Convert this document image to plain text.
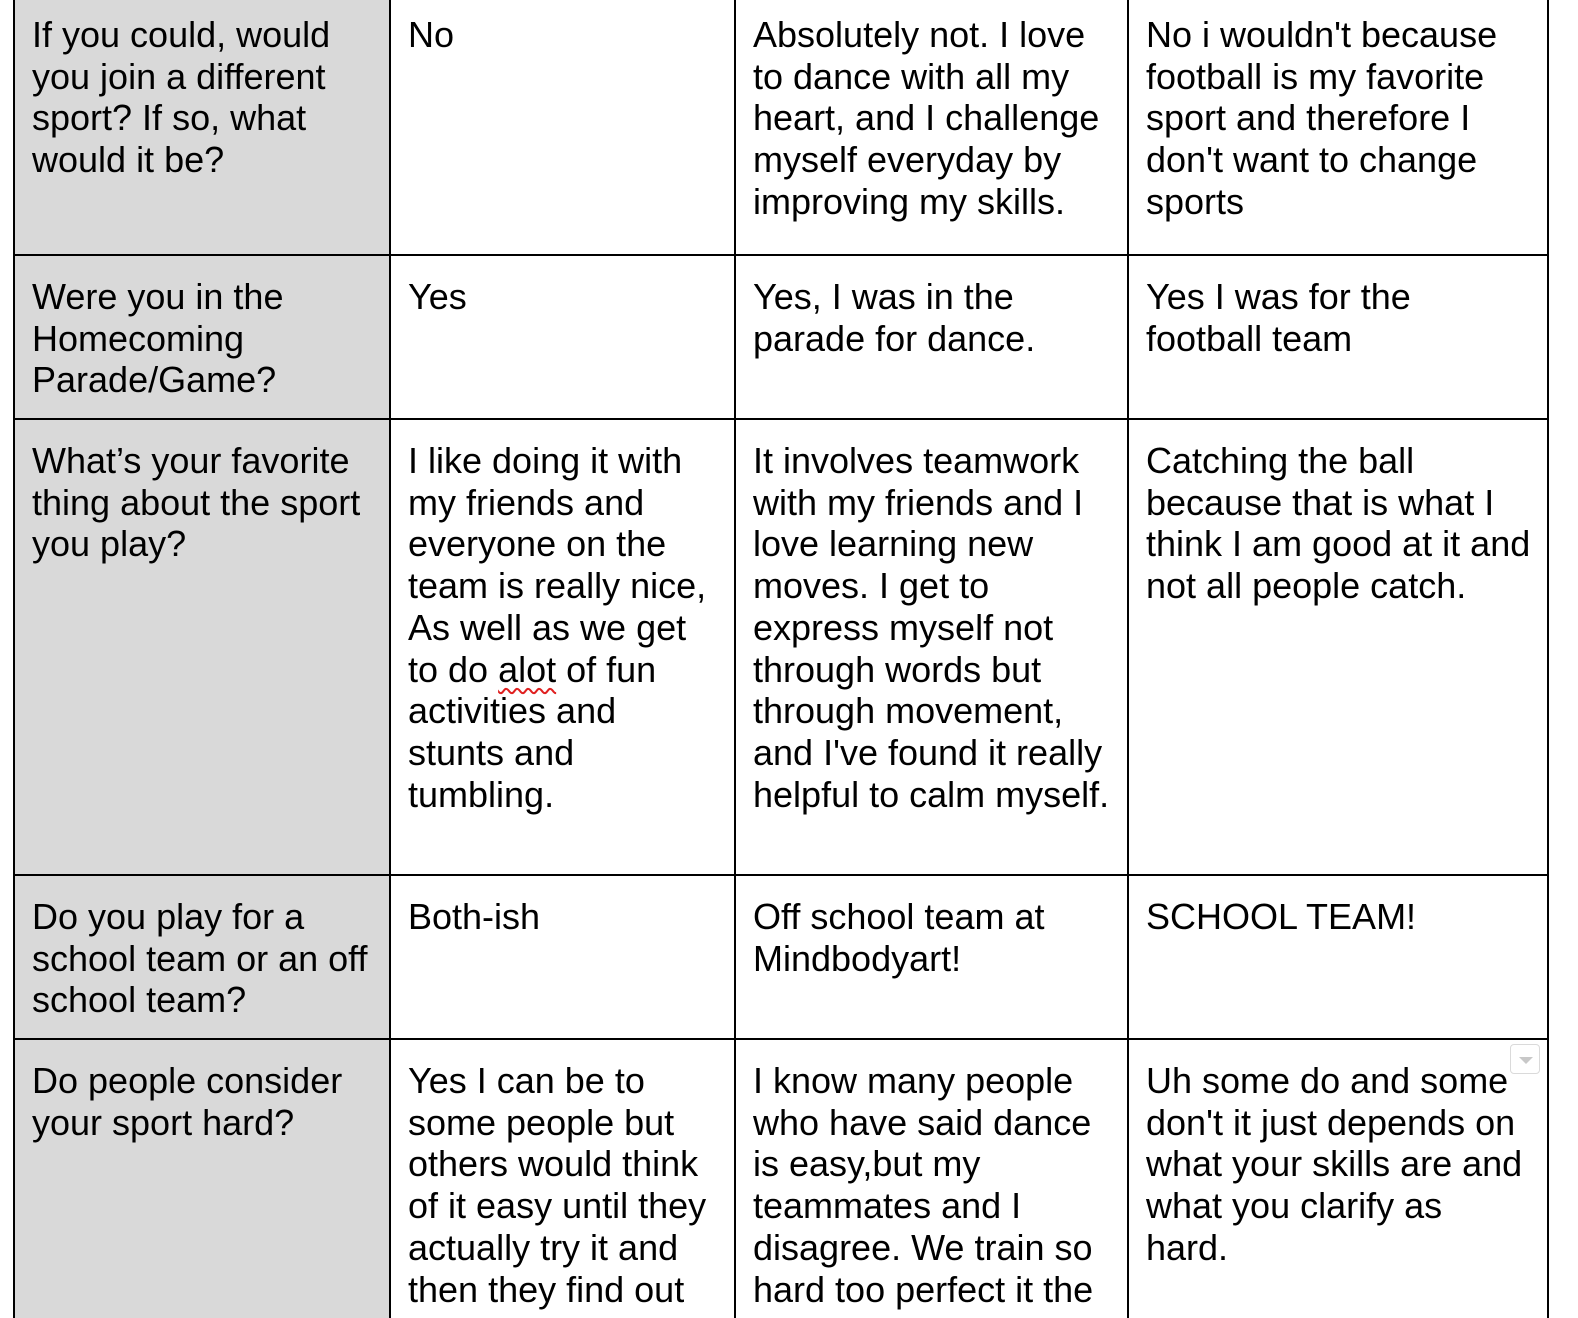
If you could, would you join a different sport? If so, what would it be?	No	Absolutely not. I love to dance with all my heart, and I challenge myself everyday by improving my skills.	No i wouldn't because football is my favorite sport and therefore I don't want to change sports
Were you in the Homecoming Parade/Game?	Yes	Yes, I was in the parade for dance.	Yes I was for the football team
What’s your favorite thing about the sport you play?	I like doing it with my friends and everyone on the team is really nice, As well as we get to do alot of fun activities and stunts and tumbling.	It involves teamwork with my friends and I love learning new moves. I get to express myself not through words but through movement, and I've found it really helpful to calm myself.	Catching the ball because that is what I think I am good at it and not all people catch.
Do you play for a school team or an off school team?	Both-ish	Off school team at Mindbodyart!	SCHOOL TEAM!
Do people consider your sport hard?	Yes I can be to some people but others would think of it easy until they actually try it and then they find out	I know many people who have said dance is easy,but my teammates and I disagree. We train so hard too perfect it the	Uh some do and some don't it just depends on what your skills are and what you clarify as hard.
